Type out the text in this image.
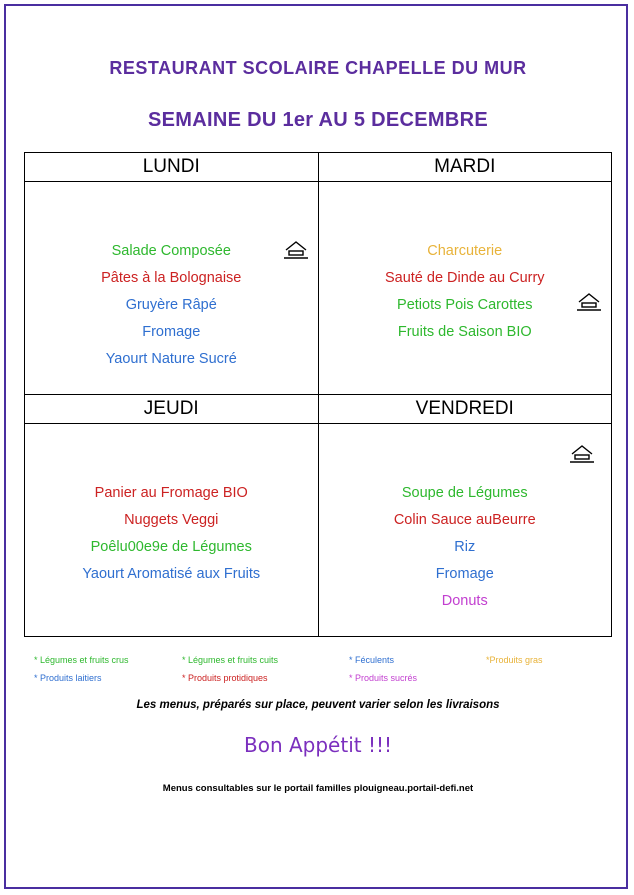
RESTAURANT SCOLAIRE CHAPELLE DU MUR
SEMAINE DU 1er AU 5 DECEMBRE
LUNDI	MARDI

Salade Composée
Pâtes à la Bolognaise
Gruyère Râpé
Fromage
Yaourt Nature Sucré

Charcuterie
Sauté de Dinde au Curry
Petiots Pois Carottes
Fruits de Saison BIO

JEUDI	VENDREDI

Panier au Fromage BIO
Nuggets Veggi
Poêlu00e9e de Légumes
Yaourt Aromatisé aux Fruits

Soupe de Légumes
Colin Sauce auBeurre
Riz
Fromage
Donuts
* Légumes et fruits crus	* Légumes et fruits cuits	* Féculents	*Produits gras
* Produits laitiers	* Produits protidiques	* Produits sucrés
Les menus, préparés sur place, peuvent varier selon les livraisons
Bon Appétit !!!
Menus consultables sur le portail familles plouigneau.portail-defi.net
